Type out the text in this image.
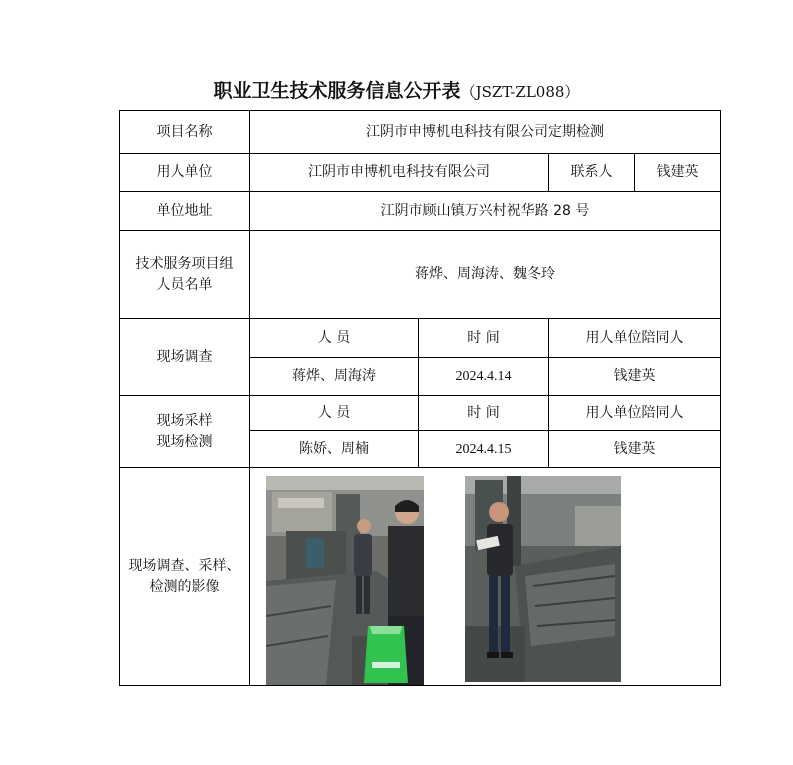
职业卫生技术服务信息公开表（JSZT-ZL088）
项目名称	江阴市申博机电科技有限公司定期检测			
用人单位	江阴市申博机电科技有限公司		联系人	钱建英
单位地址	江阴市顾山镇万兴村祝华路 28 号			

技术服务项目组
人员名单	蒋烨、周海涛、魏冬玲			
现场调查	人 员	时 间	用人单位陪同人	
	蒋烨、周海涛	2024.4.14	钱建英	

现场采样
现场检测	人 员	时 间	用人单位陪同人	
	陈娇、周楠	2024.4.15	钱建英	

现场调查、采样、
检测的影像				
